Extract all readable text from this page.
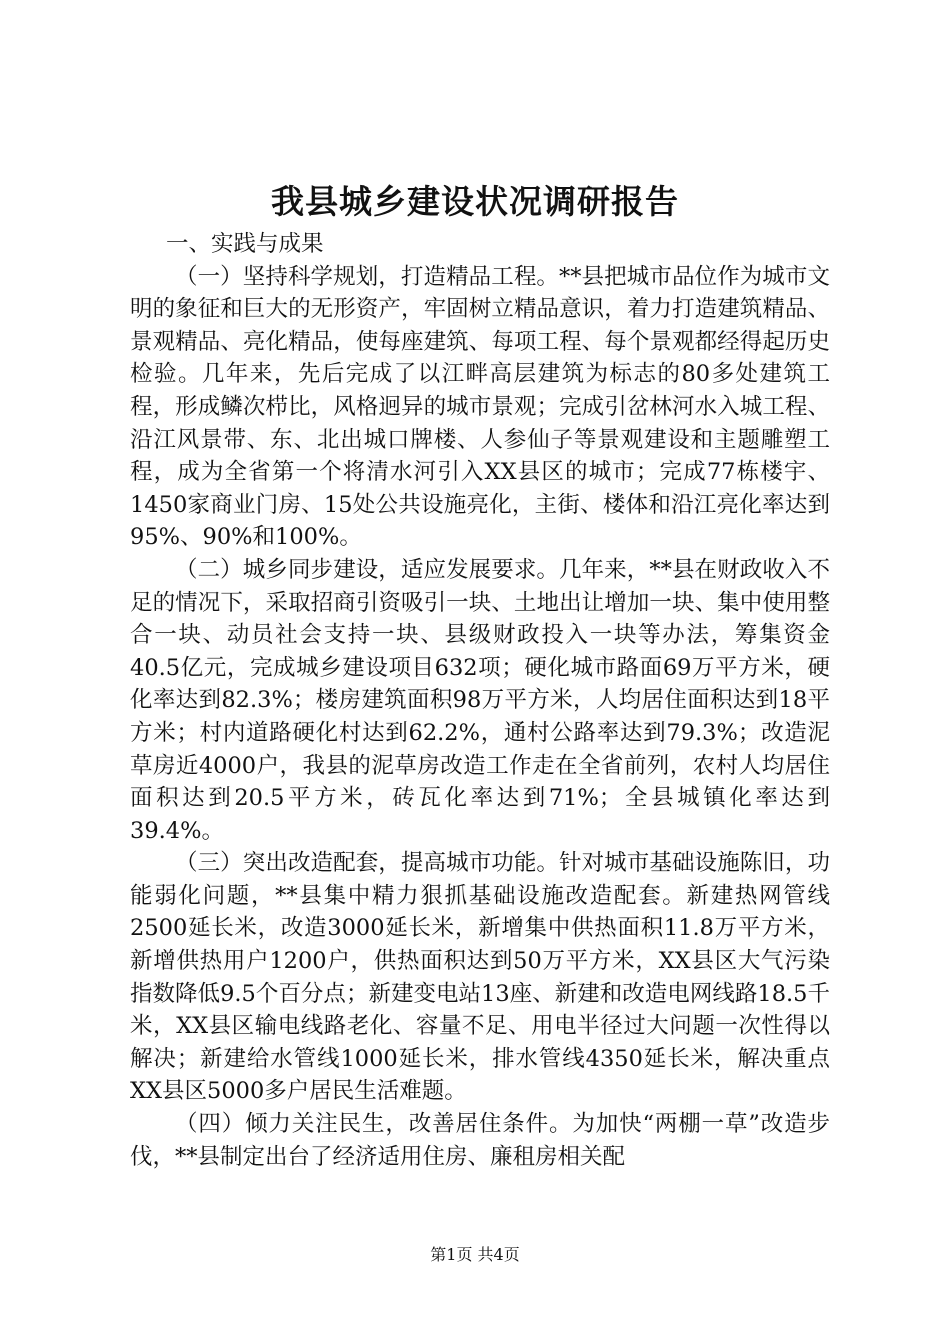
我县城乡建设状况调研报告

一、实践与成果

（一）坚持科学规划，打造精品工程。**县把城市品位作为城市文明的象征和巨大的无形资产，牢固树立精品意识，着力打造建筑精品、景观精品、亮化精品，使每座建筑、每项工程、每个景观都经得起历史检验。几年来，先后完成了以江畔高层建筑为标志的80多处建筑工程，形成鳞次栉比，风格迥异的城市景观；完成引岔林河水入城工程、沿江风景带、东、北出城口牌楼、人参仙子等景观建设和主题雕塑工程，成为全省第一个将清水河引入XX县区的城市；完成77栋楼宇、1450家商业门房、15处公共设施亮化，主街、楼体和沿江亮化率达到95%、90%和100%。

（二）城乡同步建设，适应发展要求。几年来，**县在财政收入不足的情况下，采取招商引资吸引一块、土地出让增加一块、集中使用整合一块、动员社会支持一块、县级财政投入一块等办法，筹集资金40.5亿元，完成城乡建设项目632项；硬化城市路面69万平方米，硬化率达到82.3%；楼房建筑面积98万平方米，人均居住面积达到18平方米；村内道路硬化村达到62.2%，通村公路率达到79.3%；改造泥草房近4000户，我县的泥草房改造工作走在全省前列，农村人均居住面积达到20.5平方米，砖瓦化率达到71%；全县城镇化率达到39.4%。

（三）突出改造配套，提高城市功能。针对城市基础设施陈旧，功能弱化问题，**县集中精力狠抓基础设施改造配套。新建热网管线2500延长米，改造3000延长米，新增集中供热面积11.8万平方米，新增供热用户1200户，供热面积达到50万平方米，XX县区大气污染指数降低9.5个百分点；新建变电站13座、新建和改造电网线路18.5千米，XX县区输电线路老化、容量不足、用电半径过大问题一次性得以解决；新建给水管线1000延长米，排水管线4350延长米，解决重点XX县区5000多户居民生活难题。

（四）倾力关注民生，改善居住条件。为加快“两棚一草”改造步伐，**县制定出台了经济适用住房、廉租房相关配

第1页 共4页
